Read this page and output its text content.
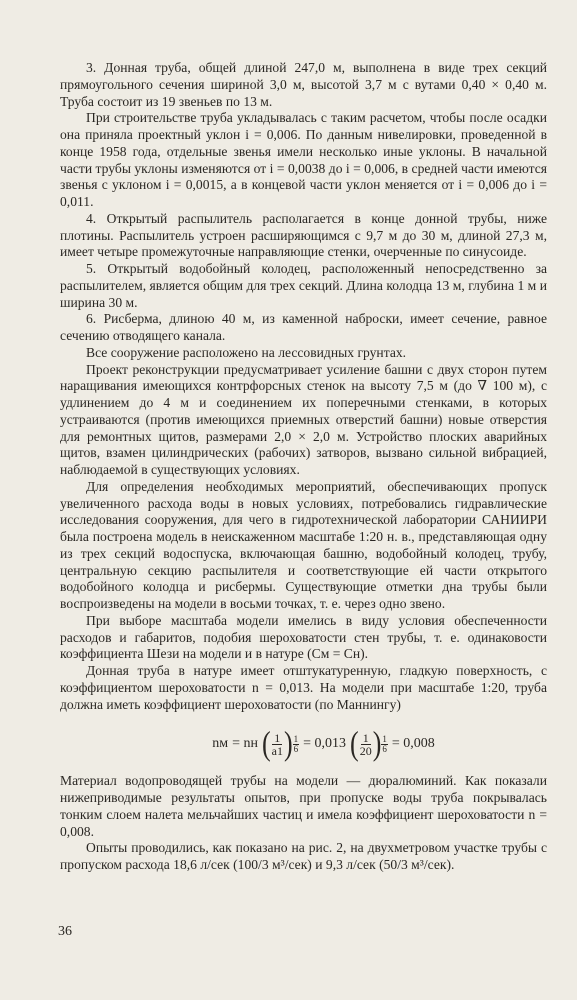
3. Донная труба, общей длиной 247,0 м, выполнена в виде трех секций прямоугольного сечения шириной 3,0 м, высотой 3,7 м с вутами 0,40 × 0,40 м. Труба состоит из 19 звеньев по 13 м.

При строительстве труба укладывалась с таким расчетом, чтобы после осадки она приняла проектный уклон i = 0,006. По данным нивелировки, проведенной в конце 1958 года, отдельные звенья имели несколько иные уклоны. В начальной части трубы уклоны изменяются от i = 0,0038 до i = 0,006, в средней части имеются звенья с уклоном i = 0,0015, а в концевой части уклон меняется от i = 0,006 до i = 0,011.

4. Открытый распылитель располагается в конце донной трубы, ниже плотины. Распылитель устроен расширяющимся с 9,7 м до 30 м, длиной 27,3 м, имеет четыре промежуточные направляющие стенки, очерченные по синусоиде.

5. Открытый водобойный колодец, расположенный непосредственно за распылителем, является общим для трех секций. Длина колодца 13 м, глубина 1 м и ширина 30 м.

6. Рисберма, длиною 40 м, из каменной наброски, имеет сечение, равное сечению отводящего канала.

Все сооружение расположено на лессовидных грунтах.

Проект реконструкции предусматривает усиление башни с двух сторон путем наращивания имеющихся контрфорсных стенок на высоту 7,5 м (до ∇ 100 м), с удлинением до 4 м и соединением их поперечными стенками, в которых устраиваются (против имеющихся приемных отверстий башни) новые отверстия для ремонтных щитов, размерами 2,0 × 2,0 м. Устройство плоских аварийных щитов, взамен цилиндрических (рабочих) затворов, вызвано сильной вибрацией, наблюдаемой в существующих условиях.

Для определения необходимых мероприятий, обеспечивающих пропуск увеличенного расхода воды в новых условиях, потребовались гидравлические исследования сооружения, для чего в гидротехнической лаборатории САНИИРИ была построена модель в неискаженном масштабе 1:20 н. в., представляющая одну из трех секций водоспуска, включающая башню, водобойный колодец, трубу, центральную секцию распылителя и соответствующие ей части открытого водобойного колодца и рисбермы. Существующие отметки дна трубы были воспроизведены на модели в восьми точках, т. е. через одно звено.

При выборе масштаба модели имелись в виду условия обеспеченности расходов и габаритов, подобия шероховатости стен трубы, т. е. одинаковости коэффициента Шези на модели и в натуре (Cм = Cн).

Донная труба в натуре имеет отштукатуренную, гладкую поверхность, с коэффициентом шероховатости n = 0,013. На модели при масштабе 1:20, труба должна иметь коэффициент шероховатости (по Маннингу)

nм = nн ( $\frac{1}{a1}$ ) $\frac{1}{6} = 0,013$ ( $\frac{1}{20}$ ) $\frac{1}{6} = 0,008$

Материал водопроводящей трубы на модели — дюралюминий. Как показали нижеприводимые результаты опытов, при пропуске воды труба покрывалась тонким слоем налета мельчайших частиц и имела коэффициент шероховатости n = 0,008.

Опыты проводились, как показано на рис. 2, на двухметровом участке трубы с пропуском расхода 18,6 л/сек (100/3 м³/сек) и 9,3 л/сек (50/3 м³/сек).

36
